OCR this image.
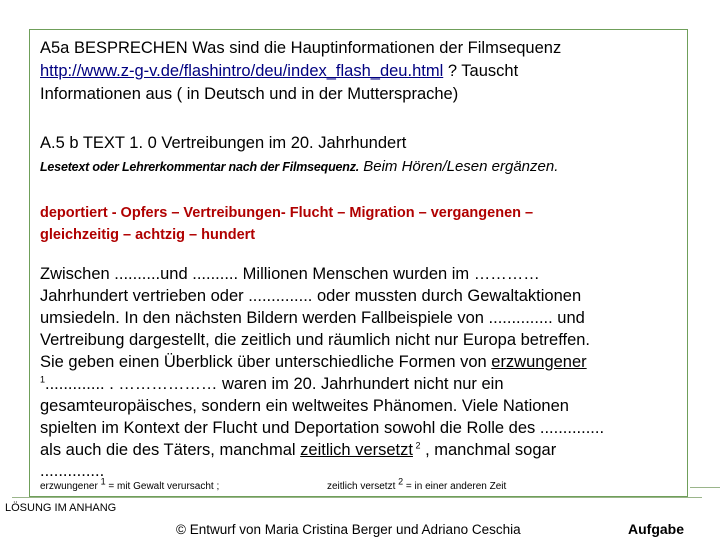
A5a BESPRECHEN Was sind die Hauptinformationen der Filmsequenz
http://www.z-g-v.de/flashintro/deu/index_flash_deu.html ? Tauscht
Informationen aus ( in Deutsch und in der Muttersprache)
A.5 b TEXT 1. 0 Vertreibungen im 20. Jahrhundert
Lesetext oder Lehrerkommentar nach der Filmsequenz. Beim Hören/Lesen ergänzen.
deportiert - Opfers – Vertreibungen- Flucht – Migration – vergangenen –
gleichzeitig – achtzig – hundert
Zwischen ..........und .......... Millionen Menschen wurden im …………
Jahrhundert vertrieben oder .............. oder mussten durch Gewaltaktionen
umsiedeln. In den nächsten Bildern werden Fallbeispiele von .............. und
Vertreibung dargestellt, die zeitlich und räumlich nicht nur Europa betreffen.
Sie geben einen Überblick über unterschiedliche Formen von erzwungener
$^1$............. . ……………… waren im 20. Jahrhundert nicht nur ein
gesamteuropäisches, sondern ein weltweites Phänomen. Viele Nationen
spielten im Kontext der Flucht und Deportation sowohl die Rolle des ..............
als auch die des Täters, manchmal zeitlich versetzt $^2$ , manchmal sogar
..............
erzwungener $^1$ = mit Gewalt verursacht ;	zeitlich versetzt $^2$ = in einer anderen Zeit
LÖSUNG IM ANHANG
© Entwurf von Maria Cristina Berger und Adriano Ceschia	Aufgabe
